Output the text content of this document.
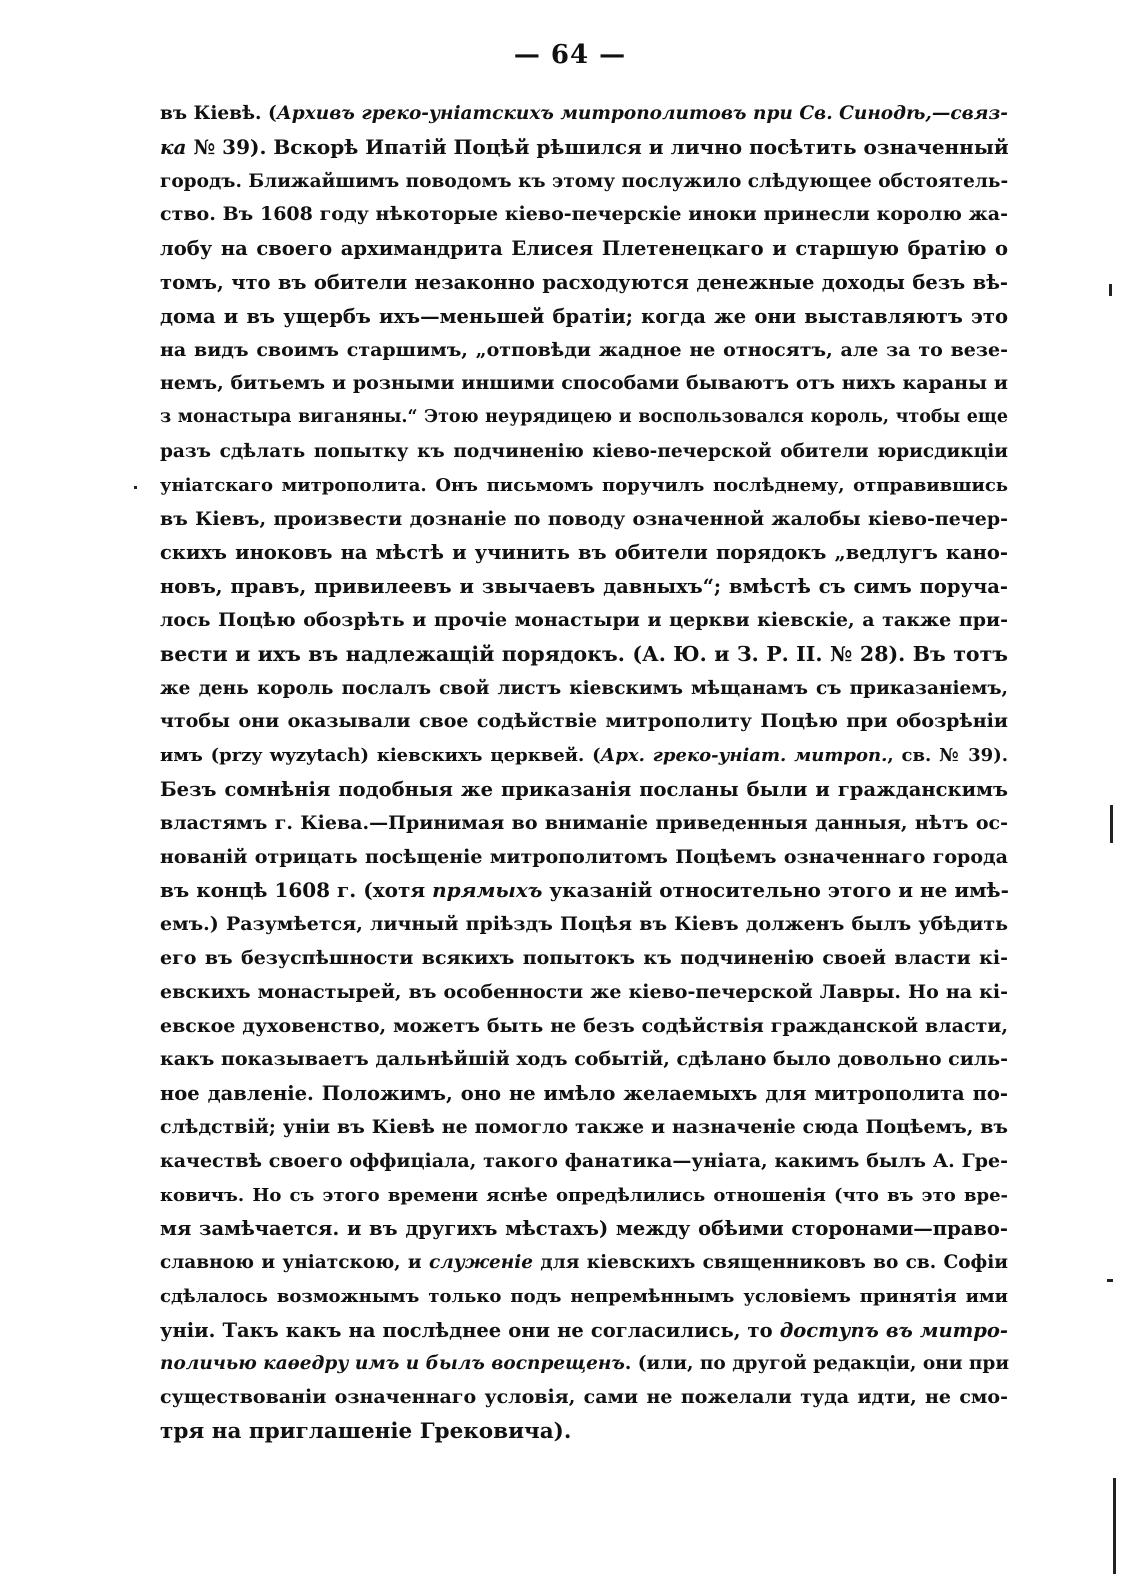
— 64 —
въ Кіевѣ. (Архивъ греко-уніатскихъ митрополитовъ при Св. Синодѣ,—связ-
ка № 39). Вскорѣ Ипатій Поцѣй рѣшился и лично посѣтить означенный
городъ. Ближайшимъ поводомъ къ этому послужило слѣдующее обстоятель-
ство. Въ 1608 году нѣкоторые кіево-печерскіе иноки принесли королю жа-
лобу на своего архимандрита Елисея Плетенецкаго и старшую братію о
томъ, что въ обители незаконно расходуются денежные доходы безъ вѣ-
дома и въ ущербъ ихъ—меньшей братіи; когда же они выставляютъ это
на видъ своимъ старшимъ, „отповѣди жадное не относятъ, але за то везе-
немъ, битьемъ и розными иншими способами бываютъ отъ нихъ караны и
з монастыра виганяны.“ Этою неурядицею и воспользовался король, чтобы еще
разъ сдѣлать попытку къ подчиненію кіево-печерской обители юрисдикціи
уніатскаго митрополита. Онъ письмомъ поручилъ послѣднему, отправившись
въ Кіевъ, произвести дознаніе по поводу означенной жалобы кіево-печер-
скихъ иноковъ на мѣстѣ и учинить въ обители порядокъ „ведлугъ кано-
новъ, правъ, привилеевъ и звычаевъ давныхъ“; вмѣстѣ съ симъ поруча-
лось Поцѣю обозрѣть и прочіе монастыри и церкви кіевскіе, а также при-
вести и ихъ въ надлежащій порядокъ. (А. Ю. и З. Р. II. № 28). Въ тотъ
же день король послалъ свой листъ кіевскимъ мѣщанамъ съ приказаніемъ,
чтобы они оказывали свое содѣйствіе митрополиту Поцѣю при обозрѣніи
имъ (przy wyzytach) кіевскихъ церквей. (Арх. греко-уніат. митроп., св. № 39).
Безъ сомнѣнія подобныя же приказанія посланы были и гражданскимъ
властямъ г. Кіева.—Принимая во вниманіе приведенныя данныя, нѣтъ ос-
нованій отрицать посѣщеніе митрополитомъ Поцѣемъ означеннаго города
въ концѣ 1608 г. (хотя прямыхъ указаній относительно этого и не имѣ-
емъ.) Разумѣется, личный пріѣздъ Поцѣя въ Кіевъ долженъ былъ убѣдить
его въ безуспѣшности всякихъ попытокъ къ подчиненію своей власти кі-
евскихъ монастырей, въ особенности же кіево-печерской Лавры. Но на кі-
евское духовенство, можетъ быть не безъ содѣйствія гражданской власти,
какъ показываетъ дальнѣйшій ходъ событій, сдѣлано было довольно силь-
ное давленіе. Положимъ, оно не имѣло желаемыхъ для митрополита по-
слѣдствій; уніи въ Кіевѣ не помогло также и назначеніе сюда Поцѣемъ, въ
качествѣ своего оффиціала, такого фанатика—уніата, какимъ былъ А. Гре-
ковичъ. Но съ этого времени яснѣе опредѣлились отношенія (что въ это вре-
мя замѣчается. и въ другихъ мѣстахъ) между обѣими сторонами—право-
славною и уніатскою, и служеніе для кіевскихъ священниковъ во св. Софіи
сдѣлалось возможнымъ только подъ непремѣннымъ условіемъ принятія ими
уніи. Такъ какъ на послѣднее они не согласились, то доступъ въ митро-
поличью каѳедру имъ и былъ воспрещенъ. (или, по другой редакціи, они при
существованіи означеннаго условія, сами не пожелали туда идти, не смо-
тря на приглашеніе Грековича).
